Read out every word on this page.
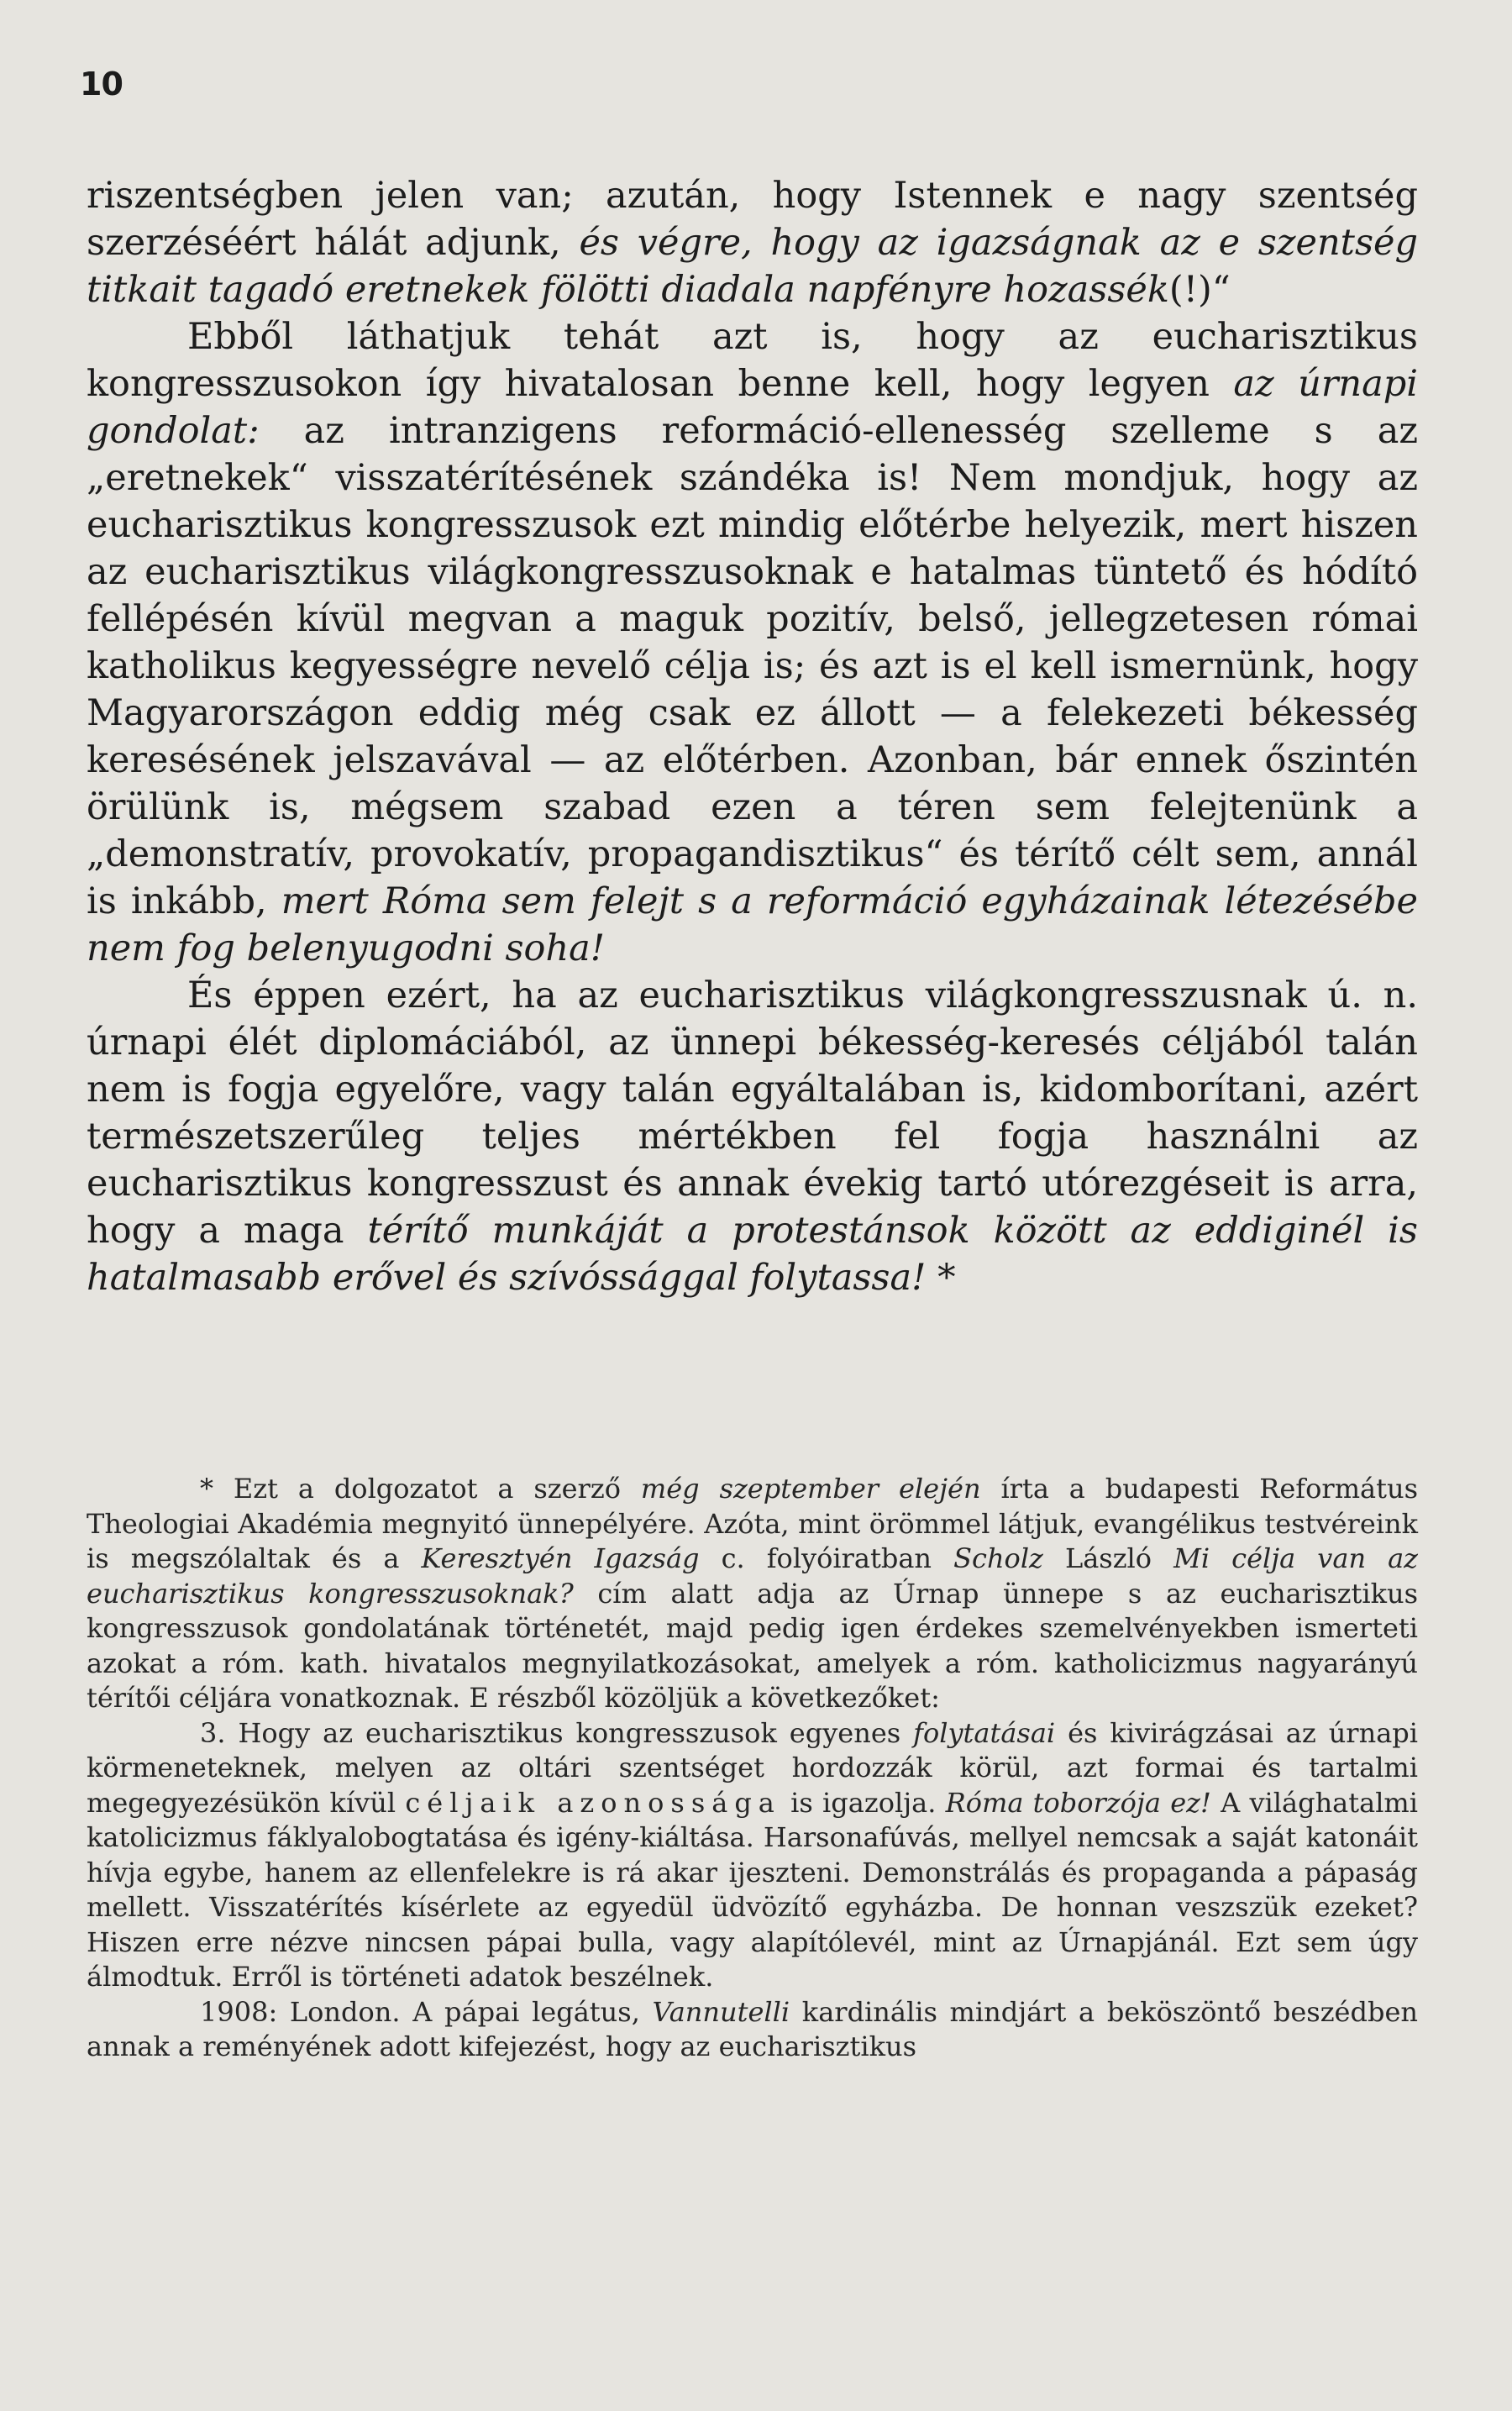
10

riszentségben jelen van; azután, hogy Istennek e nagy szentség szerzéséért hálát adjunk, és végre, hogy az igazságnak az e szentség titkait tagadó eretnekek fölötti diadala napfényre hozassék(!)“

Ebből láthatjuk tehát azt is, hogy az eucharisztikus kongresszusokon így hivatalosan benne kell, hogy legyen az úrnapi gondolat: az intranzigens reformáció-ellenesség szelleme s az „eretnekek“ visszatérítésének szándéka is! Nem mondjuk, hogy az eucharisztikus kongresszusok ezt mindig előtérbe helyezik, mert hiszen az eucharisztikus világkongresszusoknak e hatalmas tüntető és hódító fellépésén kívül megvan a maguk pozitív, belső, jellegzetesen római katholikus kegyességre nevelő célja is; és azt is el kell ismernünk, hogy Magyarországon eddig még csak ez állott — a felekezeti békesség keresésének jelszavával — az előtérben. Azonban, bár ennek őszintén örülünk is, mégsem szabad ezen a téren sem felejtenünk a „demonstratív, provokatív, propagandisztikus“ és térítő célt sem, annál is inkább, mert Róma sem felejt s a reformáció egyházainak létezésébe nem fog belenyugodni soha!

És éppen ezért, ha az eucharisztikus világkongresszusnak ú. n. úrnapi élét diplomáciából, az ünnepi békesség-keresés céljából talán nem is fogja egyelőre, vagy talán egyáltalában is, kidomborítani, azért természetszerűleg teljes mértékben fel fogja használni az eucharisztikus kongresszust és annak évekig tartó utórezgéseit is arra, hogy a maga térítő munkáját a protestánsok között az eddiginél is hatalmasabb erővel és szívóssággal folytassa! *

* Ezt a dolgozatot a szerző még szeptember elején írta a budapesti Református Theologiai Akadémia megnyitó ünnepélyére. Azóta, mint örömmel látjuk, evangélikus testvéreink is megszólaltak és a Keresztyén Igazság c. folyóiratban Scholz László Mi célja van az eucharisztikus kongresszusoknak? cím alatt adja az Úrnap ünnepe s az eucharisztikus kongresszusok gondolatának történetét, majd pedig igen érdekes szemelvényekben ismerteti azokat a róm. kath. hivatalos megnyilatkozásokat, amelyek a róm. katholicizmus nagyarányú térítői céljára vonatkoznak. E részből közöljük a következőket:

3. Hogy az eucharisztikus kongresszusok egyenes folytatásai és kivirágzásai az úrnapi körmeneteknek, melyen az oltári szentséget hordozzák körül, azt formai és tartalmi megegyezésükön kívül céljaik azonossága is igazolja. Róma toborzója ez! A világhatalmi katolicizmus fáklyalobogtatása és igény-kiáltása. Harsonafúvás, mellyel nemcsak a saját katonáit hívja egybe, hanem az ellenfelekre is rá akar ijeszteni. Demonstrálás és propaganda a pápaság mellett. Visszatérítés kísérlete az egyedül üdvözítő egyházba. De honnan veszszük ezeket? Hiszen erre nézve nincsen pápai bulla, vagy alapítólevél, mint az Úrnapjánál. Ezt sem úgy álmodtuk. Erről is történeti adatok beszélnek.

1908: London. A pápai legátus, Vannutelli kardinális mindjárt a beköszöntő beszédben annak a reményének adott kifejezést, hogy az eucharisztikus
